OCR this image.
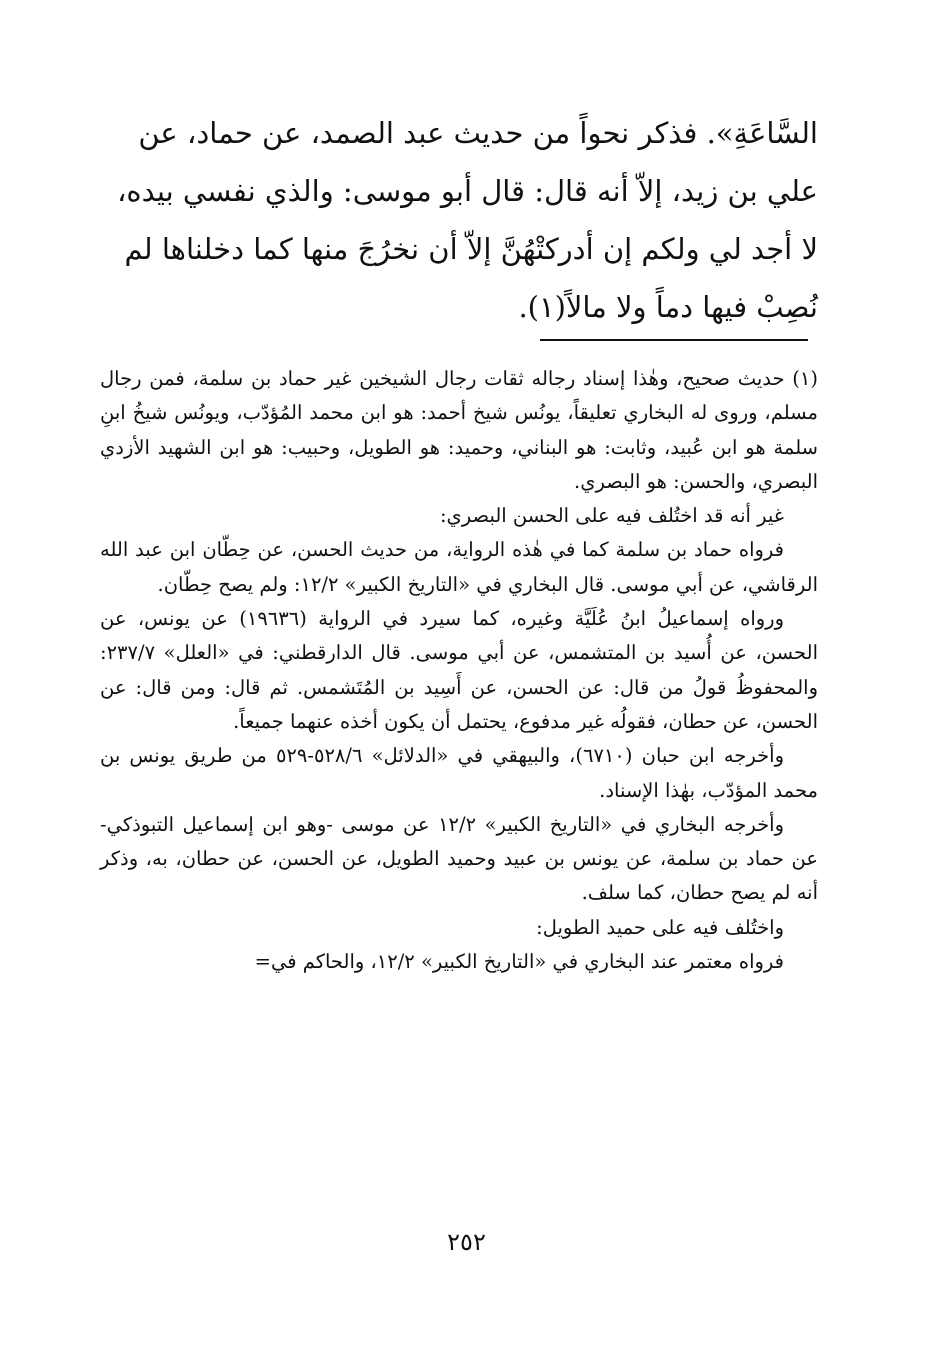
السَّاعَةِ». فذكر نحواً من حديث عبد الصمد، عن حماد، عن

علي بن زيد، إلاّ أنه قال: قال أبو موسى: والذي نفسي بيده،

لا أجد لي ولكم إن أدركتْهُنَّ إلاّ أن نخرُجَ منها كما دخلناها لم

نُصِبْ فيها دماً ولا مالاً(١).

(١) حديث صحيح، وهٰذا إسناد رجاله ثقات رجال الشيخين غير حماد بن سلمة، فمن رجال مسلم، وروى له البخاري تعليقاً، يونُس شيخ أحمد: هو ابن محمد المُؤدّب، ويونُس شيخُ ابنِ سلمة هو ابن عُبيد، وثابت: هو البناني، وحميد: هو الطويل، وحبيب: هو ابن الشهيد الأزدي البصري، والحسن: هو البصري.

غير أنه قد اختُلف فيه على الحسن البصري:

فرواه حماد بن سلمة كما في هٰذه الرواية، من حديث الحسن، عن حِطّان ابن عبد الله الرقاشي، عن أبي موسى. قال البخاري في «التاريخ الكبير» ١٢/٢: ولم يصح حِطّان.

ورواه إسماعيلُ ابنُ عُلَيَّة وغيره، كما سيرد في الرواية (١٩٦٣٦) عن يونس، عن الحسن، عن أُسيد بن المتشمس، عن أبي موسى. قال الدارقطني: في «العلل» ٢٣٧/٧: والمحفوظُ قولُ من قال: عن الحسن، عن أَسِيد بن المُتَشمس. ثم قال: ومن قال: عن الحسن، عن حطان، فقولُه غير مدفوع، يحتمل أن يكون أخذه عنهما جميعاً.

وأخرجه ابن حبان (٦٧١٠)، والبيهقي في «الدلائل» ٥٢٨/٦-٥٢٩ من طريق يونس بن محمد المؤدّب، بهٰذا الإسناد.

وأخرجه البخاري في «التاريخ الكبير» ١٢/٢ عن موسى -وهو ابن إسماعيل التبوذكي- عن حماد بن سلمة، عن يونس بن عبيد وحميد الطويل، عن الحسن، عن حطان، به، وذكر أنه لم يصح حطان، كما سلف.

واختُلف فيه على حميد الطويل:

فرواه معتمر عند البخاري في «التاريخ الكبير» ١٢/٢، والحاكم في=

٢٥٢
